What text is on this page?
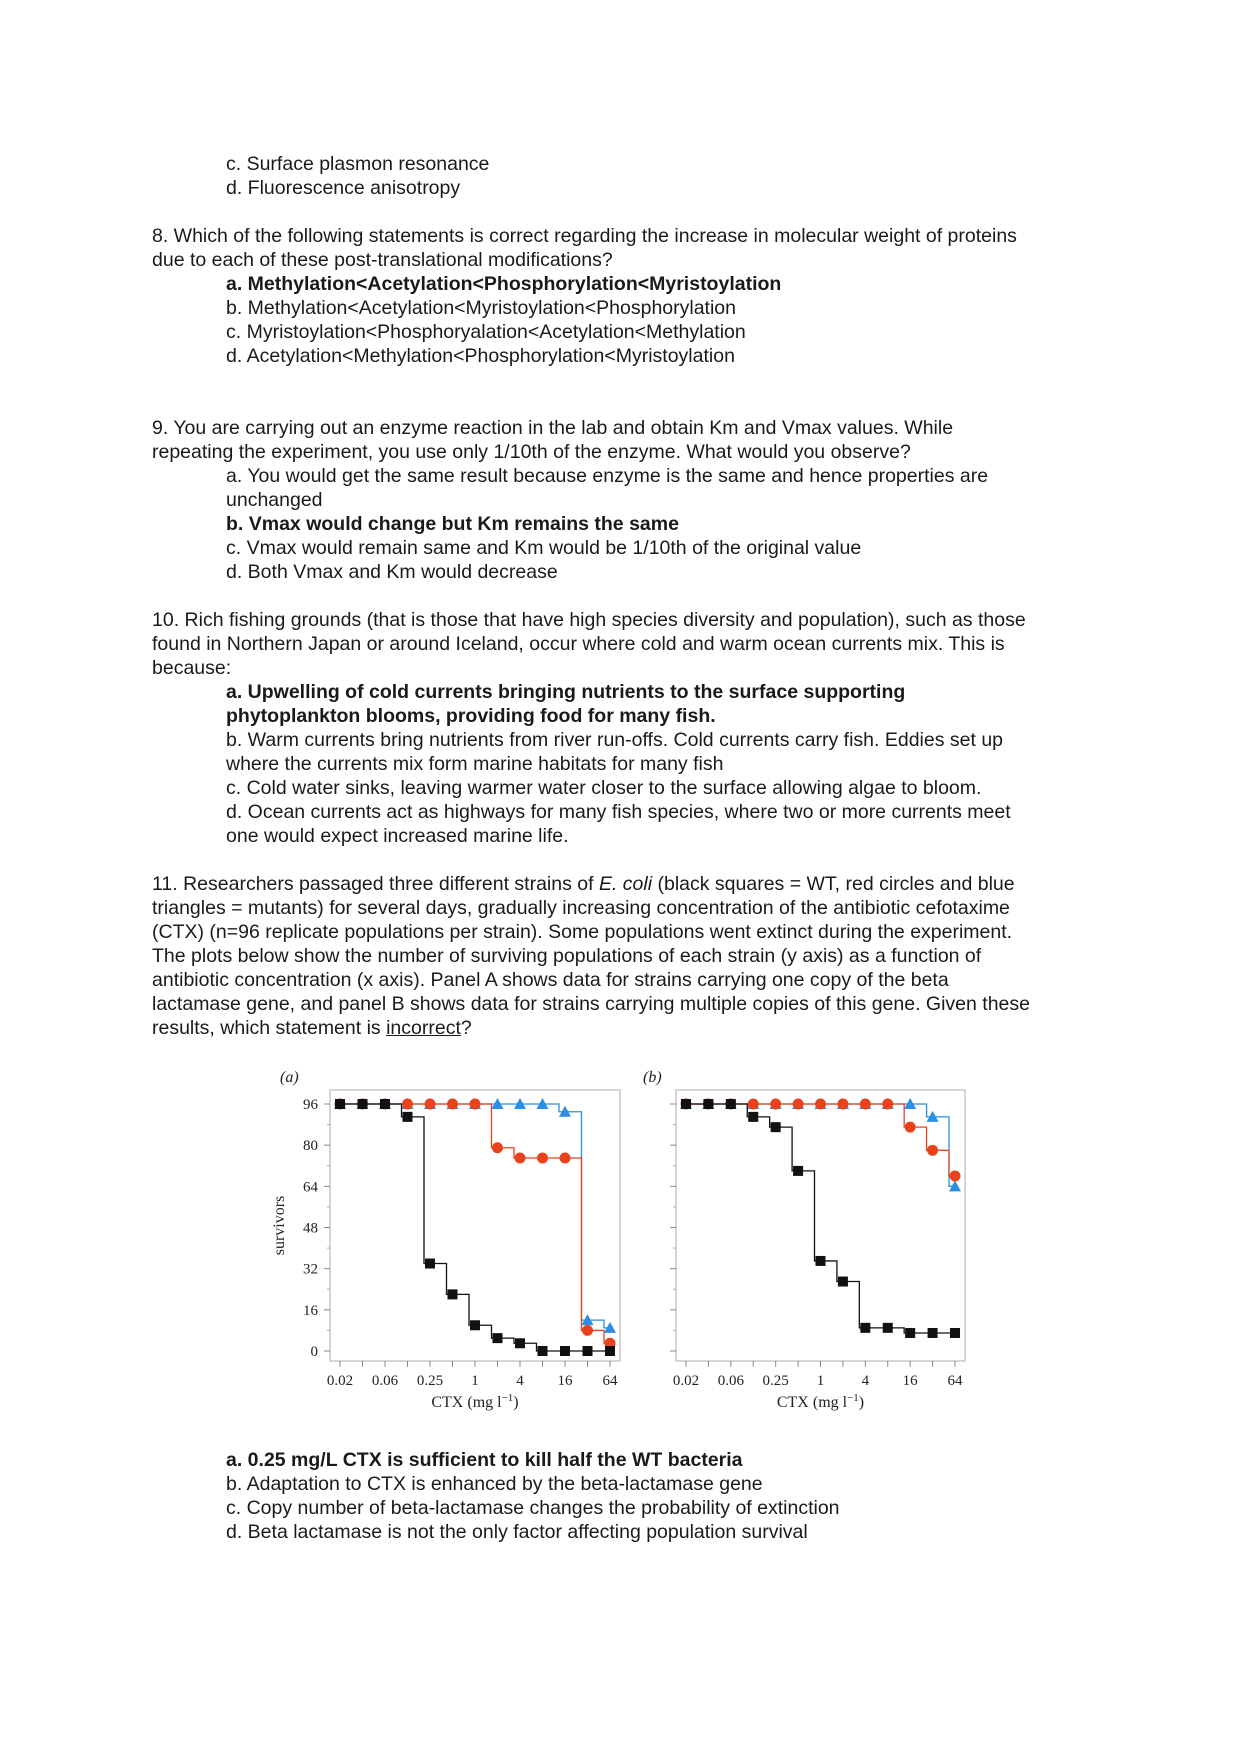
c. Surface plasmon resonance
d. Fluorescence anisotropy
8. Which of the following statements is correct regarding the increase in molecular weight of proteins
due to each of these post-translational modifications?
a. Methylation<Acetylation<Phosphorylation<Myristoylation
b. Methylation<Acetylation<Myristoylation<Phosphorylation
c. Myristoylation<Phosphoryalation<Acetylation<Methylation
d. Acetylation<Methylation<Phosphorylation<Myristoylation
9. You are carrying out an enzyme reaction in the lab and obtain Km and Vmax values. While
repeating the experiment, you use only 1/10th of the enzyme. What would you observe?
a. You would get the same result because enzyme is the same and hence properties are
unchanged
b. Vmax would change but Km remains the same
c. Vmax would remain same and Km would be 1/10th of the original value
d. Both Vmax and Km would decrease
10. Rich fishing grounds (that is those that have high species diversity and population), such as those
found in Northern Japan or around Iceland, occur where cold and warm ocean currents mix. This is
because:
a. Upwelling of cold currents bringing nutrients to the surface supporting
phytoplankton blooms, providing food for many fish.
b. Warm currents bring nutrients from river run-offs. Cold currents carry fish. Eddies set up
where the currents mix form marine habitats for many fish
c. Cold water sinks, leaving warmer water closer to the surface allowing algae to bloom.
d. Ocean currents act as highways for many fish species, where two or more currents meet
one would expect increased marine life.
11. Researchers passaged three different strains of E. coli (black squares = WT, red circles and blue
triangles = mutants) for several days, gradually increasing concentration of the antibiotic cefotaxime
(CTX) (n=96 replicate populations per strain). Some populations went extinct during the experiment.
The plots below show the number of surviving populations of each strain (y axis) as a function of
antibiotic concentration (x axis). Panel A shows data for strains carrying one copy of the beta
lactamase gene, and panel B shows data for strains carrying multiple copies of this gene. Given these
results, which statement is incorrect?
(a)
96
80
64
48
32
16
0
0.02 0.06 0.25 1	4 16 64
CTX (mg $l^{-1}$)
survivors
(b)
0.02 0.06 0.25 1 4 16 64
CTX (mg $l^{-1}$)
a. 0.25 mg/L CTX is sufficient to kill half the WT bacteria
b. Adaptation to CTX is enhanced by the beta-lactamase gene
c. Copy number of beta-lactamase changes the probability of extinction
d. Beta lactamase is not the only factor affecting population survival
